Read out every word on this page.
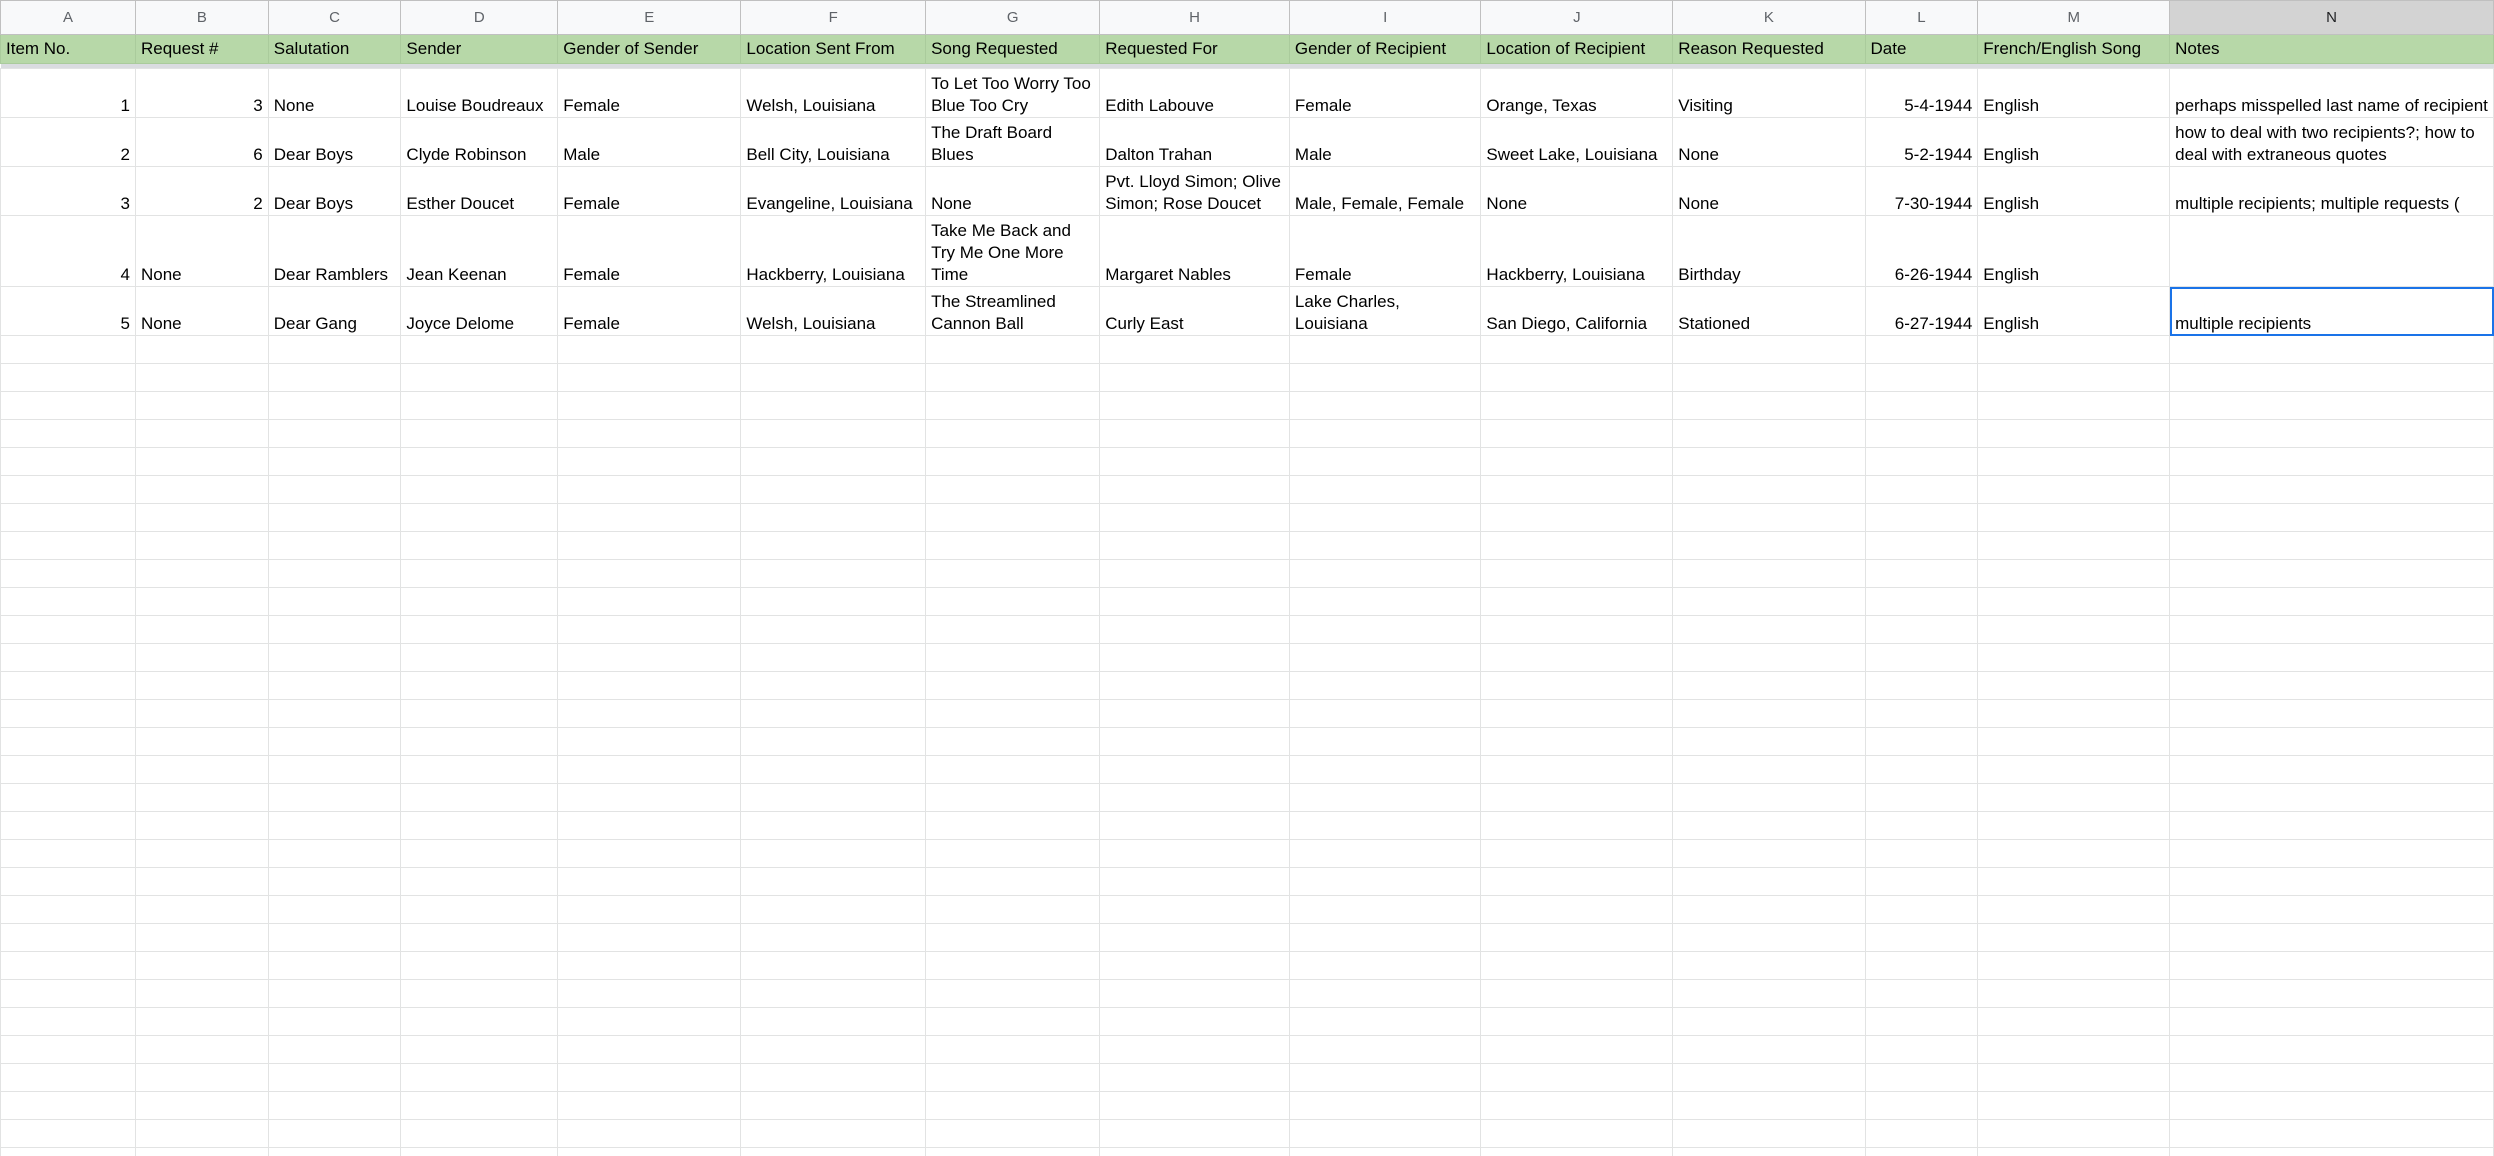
A	B	C	D	E	F	G	H	I	J	K	L	M	N
Item No.	Request #	Salutation	Sender	Gender of Sender	Location Sent From	Song Requested	Requested For	Gender of Recipient	Location of Recipient	Reason Requested	Date	French/English Song	Notes

1	3	None	Louise Boudreaux	Female	Welsh, Louisiana	To Let Too Worry Too Blue Too Cry	Edith Labouve	Female	Orange, Texas	Visiting	5-4-1944	English	perhaps misspelled last name of recipient
2	6	Dear Boys	Clyde Robinson	Male	Bell City, Louisiana	The Draft Board Blues	Dalton Trahan	Male	Sweet Lake, Louisiana	None	5-2-1944	English	how to deal with two recipients?; how to deal with extraneous quotes
3	2	Dear Boys	Esther Doucet	Female	Evangeline, Louisiana	None	Pvt. Lloyd Simon; Olive Simon; Rose Doucet	Male, Female, Female	None	None	7-30-1944	English	multiple recipients; multiple requests (
4	None	Dear Ramblers	Jean Keenan	Female	Hackberry, Louisiana	Take Me Back and Try Me One More Time	Margaret Nables	Female	Hackberry, Louisiana	Birthday	6-26-1944	English	
5	None	Dear Gang	Joyce Delome	Female	Welsh, Louisiana	The Streamlined Cannon Ball	Curly East	Lake Charles, Louisiana	San Diego, California	Stationed	6-27-1944	English	multiple recipients
